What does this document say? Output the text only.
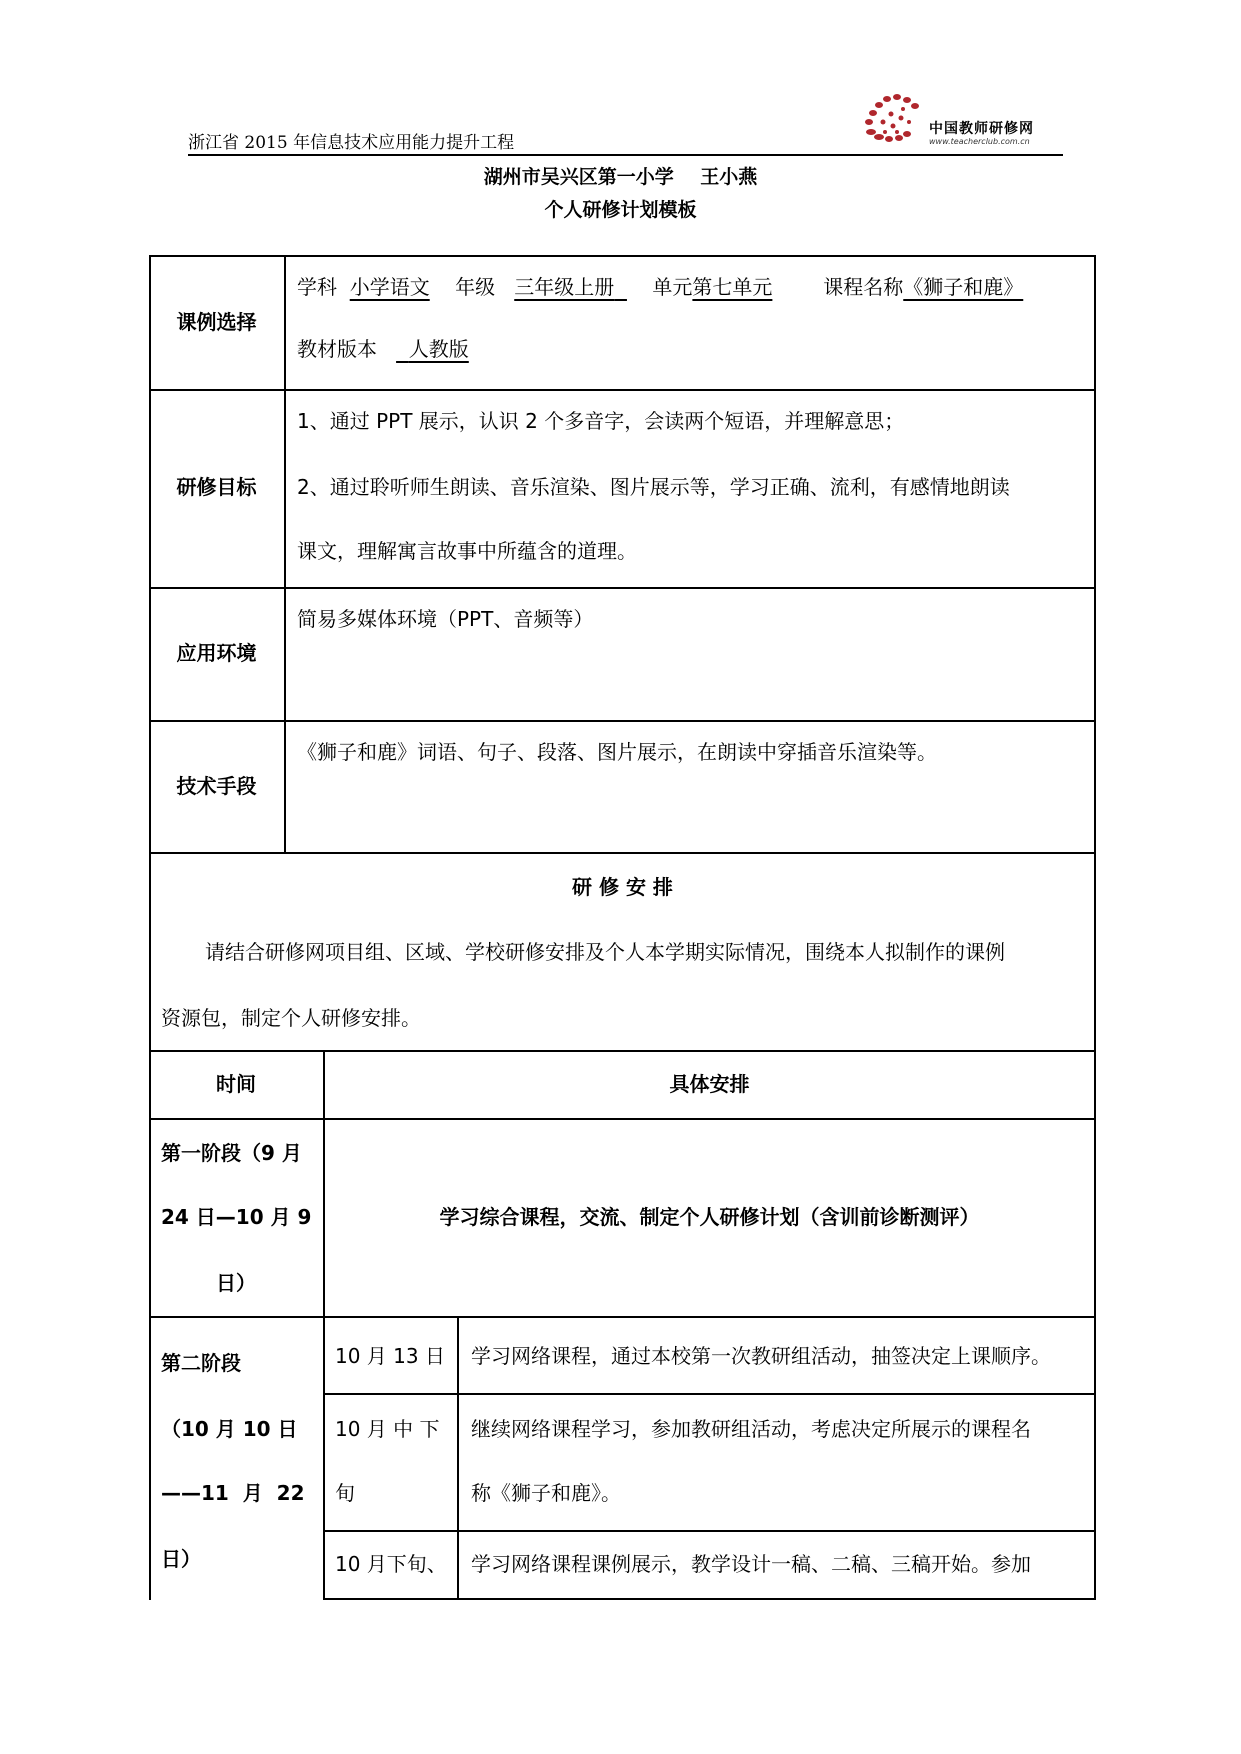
浙江省 2015 年信息技术应用能力提升工程
中国教师研修网
www.teacherclub.com.cn
湖州市吴兴区第一小学    王小燕
个人研修计划模板
课例选择
学科 小学语文 年级 三年级上册 单元第七单元	课程名称《狮子和鹿》
教材版本 人教版
研修目标
1、通过 PPT 展示，认识 2 个多音字，会读两个短语，并理解意思；
2、通过聆听师生朗读、音乐渲染、图片展示等，学习正确、流利，有感情地朗读
课文，理解寓言故事中所蕴含的道理。
应用环境
简易多媒体环境（PPT、音频等）
技术手段
《狮子和鹿》词语、句子、段落、图片展示，在朗读中穿插音乐渲染等。
研 修 安 排
请结合研修网项目组、区域、学校研修安排及个人本学期实际情况，围绕本人拟制作的课例
资源包，制定个人研修安排。
时间	具体安排
第一阶段（9 月
24 日—10 月 9
日）
学习综合课程，交流、制定个人研修计划（含训前诊断测评）
第二阶段
（10 月 10 日
——11  月  22
日）
10 月 13 日 学习网络课程，通过本校第一次教研组活动，抽签决定上课顺序。
10 月 中 下
旬
继续网络课程学习，参加教研组活动，考虑决定所展示的课程名
称《狮子和鹿》。
10 月下旬、 学习网络课程课例展示，教学设计一稿、二稿、三稿开始。参加
